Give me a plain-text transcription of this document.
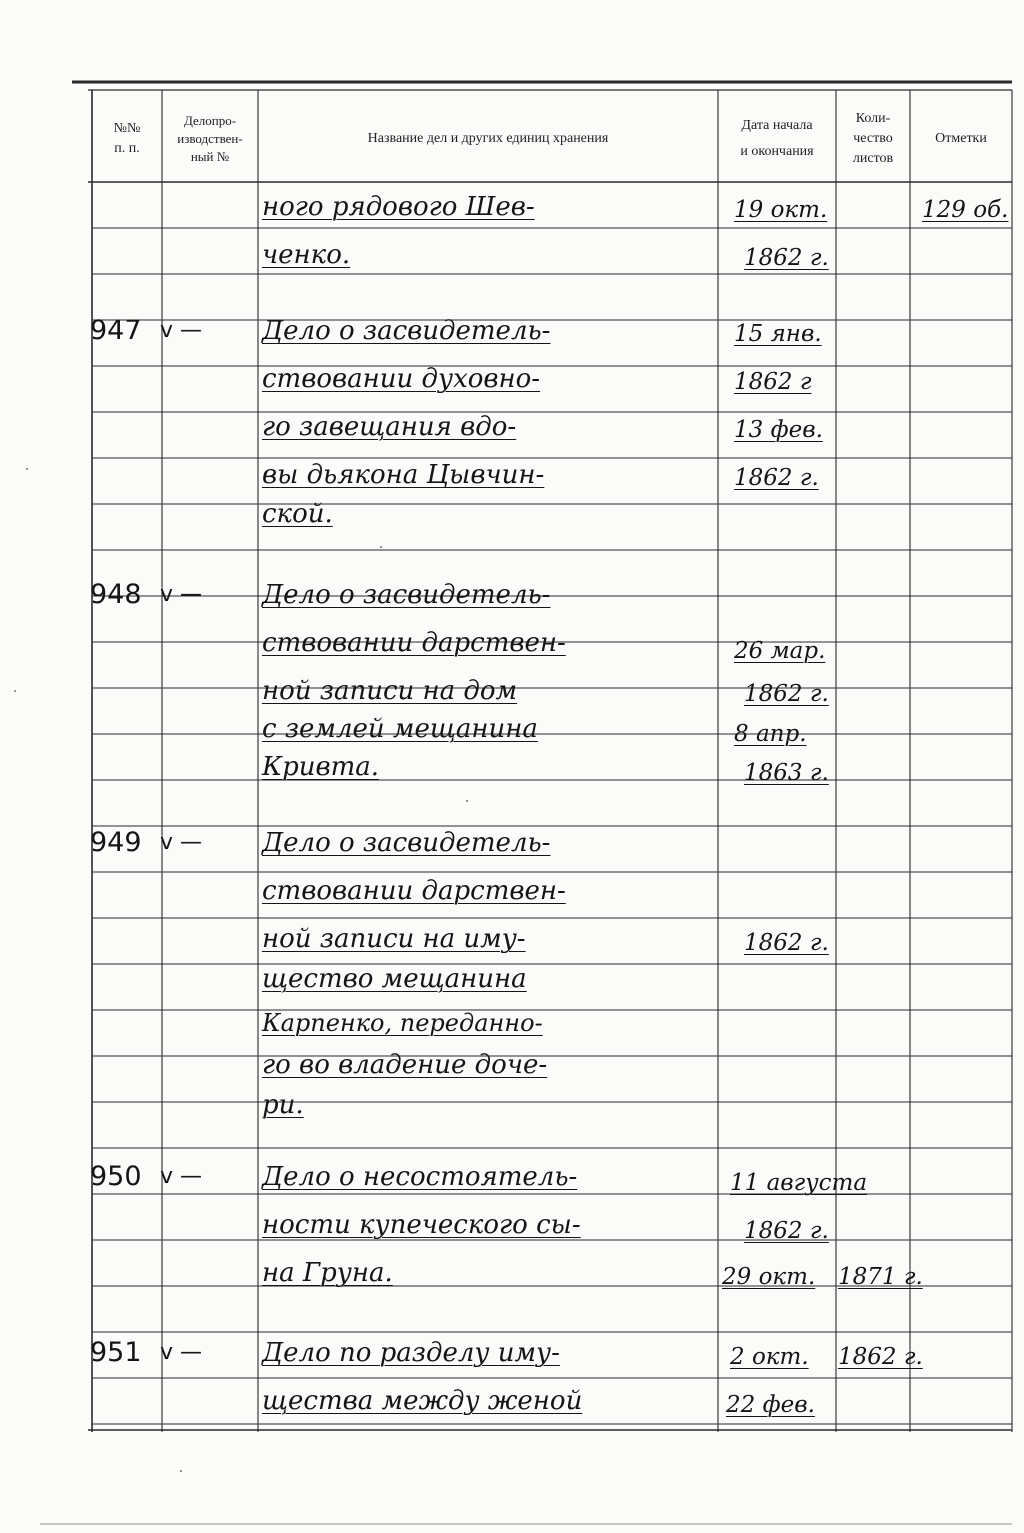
№№
п. п.
Делопро-
изводствен-
ный №
Название дел и других единиц хранения
Дата начала
и окончания
Коли-
чество
листов
Отметки
ного рядового Шев-
ченко.
19 окт.
1862 г.
129 об.
947 v — Дело о засвидетель-
ствовании духовно-
го завещания вдо-
вы дьякона Цывчин-
ской.
15 янв.
1862 г
13 фев.
1862 г.
948 v — Дело о засвидетель-
ствовании дарствен-
ной записи на дом
с землей мещанина
Кривта.
26 мар.
1862 г.
8 апр.
1863 г.
949 v — Дело о засвидетель-
ствовании дарствен-
ной записи на иму-
щество мещанина
Карпенко, переданно-
го во владение доче-
ри.
1862 г.
950 v — Дело о несостоятель-
ности купеческого сы-
на Груна.
11 августа
1862 г.
29 окт. 1871 г.
951 v — Дело по разделу иму-
щества между женой
2 окт.
22 фев.
1862 г.
